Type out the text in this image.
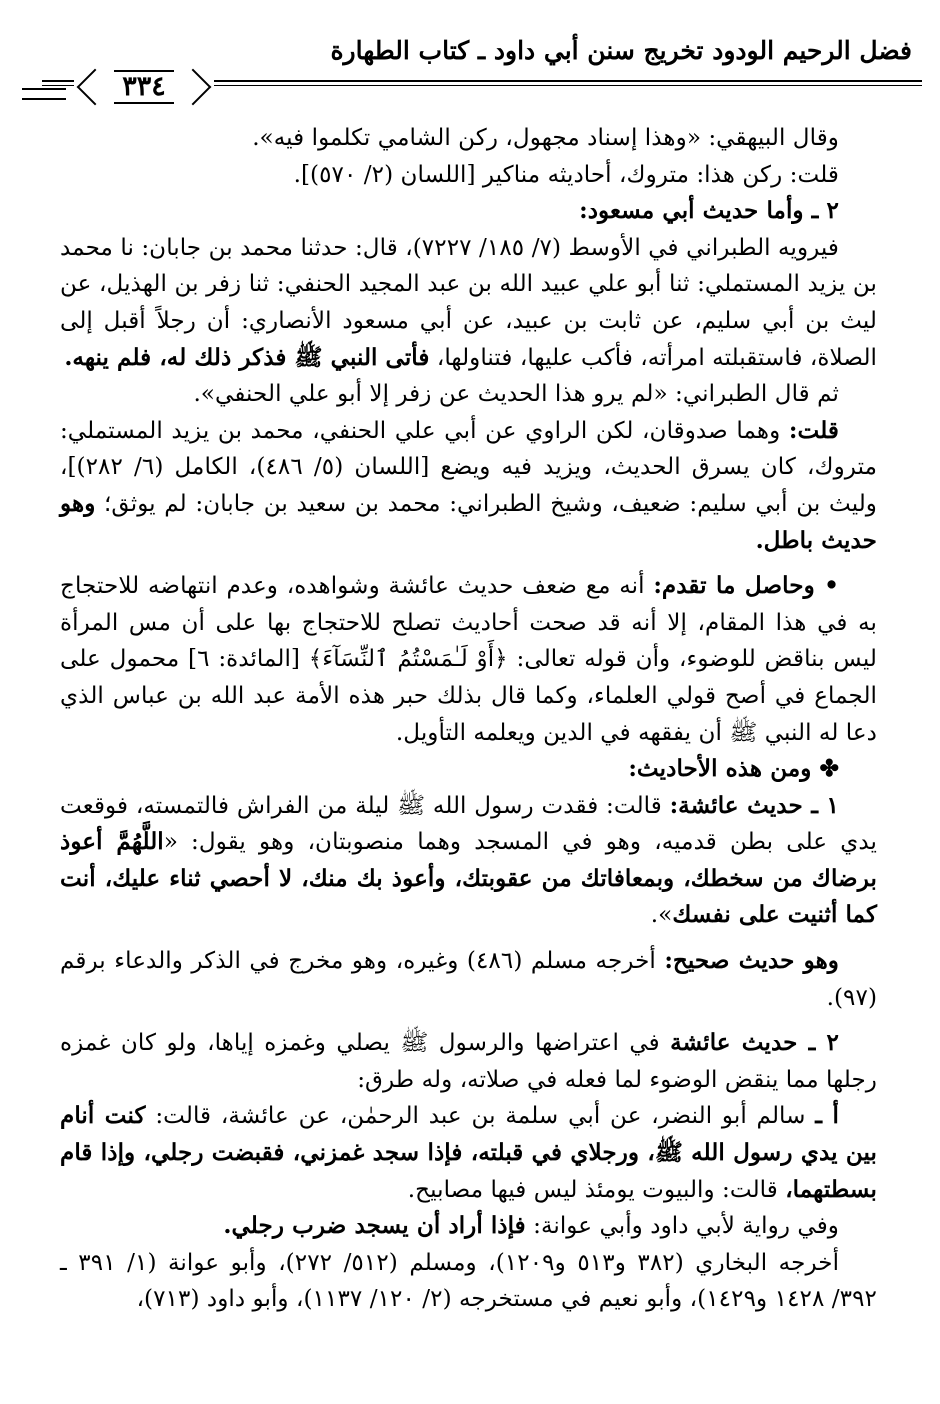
فضل الرحيم الودود تخريج سنن أبي داود ـ كتاب الطهارة
٣٣٤

وقال البيهقي: «وهذا إسناد مجهول، ركن الشامي تكلموا فيه».

قلت: ركن هذا: متروك، أحاديثه مناكير [اللسان (٢/ ٥٧٠)].

٢ ـ وأما حديث أبي مسعود:

فيرويه الطبراني في الأوسط (٧/ ١٨٥/ ٧٢٢٧)، قال: حدثنا محمد بن جابان: نا محمد بن يزيد المستملي: ثنا أبو علي عبيد الله بن عبد المجيد الحنفي: ثنا زفر بن الهذيل، عن ليث بن أبي سليم، عن ثابت بن عبيد، عن أبي مسعود الأنصاري: أن رجلاً أقبل إلى الصلاة، فاستقبلته امرأته، فأكب عليها، فتناولها، فأتى النبي ﷺ فذكر ذلك له، فلم ينهه.

ثم قال الطبراني: «لم يرو هذا الحديث عن زفر إلا أبو علي الحنفي».

قلت: وهما صدوقان، لكن الراوي عن أبي علي الحنفي، محمد بن يزيد المستملي: متروك، كان يسرق الحديث، ويزيد فيه ويضع [اللسان (٥/ ٤٨٦)، الكامل (٦/ ٢٨٢)]، وليث بن أبي سليم: ضعيف، وشيخ الطبراني: محمد بن سعيد بن جابان: لم يوثق؛ وهو حديث باطل.

• وحاصل ما تقدم: أنه مع ضعف حديث عائشة وشواهده، وعدم انتهاضه للاحتجاج به في هذا المقام، إلا أنه قد صحت أحاديث تصلح للاحتجاج بها على أن مس المرأة ليس بناقض للوضوء، وأن قوله تعالى: ﴿أَوْ لَـٰمَسْتُمُ ٱلنِّسَآءَ﴾ [المائدة: ٦] محمول على الجماع في أصح قولي العلماء، وكما قال بذلك حبر هذه الأمة عبد الله بن عباس الذي دعا له النبي ﷺ أن يفقهه في الدين ويعلمه التأويل.

✤ ومن هذه الأحاديث:

١ ـ حديث عائشة: قالت: فقدت رسول الله ﷺ ليلة من الفراش فالتمسته، فوقعت يدي على بطن قدميه، وهو في المسجد وهما منصوبتان، وهو يقول: «اللَّهُمَّ أعوذ برضاك من سخطك، وبمعافاتك من عقوبتك، وأعوذ بك منك، لا أحصي ثناء عليك، أنت كما أثنيت على نفسك».

وهو حديث صحيح: أخرجه مسلم (٤٨٦) وغيره، وهو مخرج في الذكر والدعاء برقم (٩٧).

٢ ـ حديث عائشة في اعتراضها والرسول ﷺ يصلي وغمزه إياها، ولو كان غمزه رجلها مما ينقض الوضوء لما فعله في صلاته، وله طرق:

أ ـ سالم أبو النضر، عن أبي سلمة بن عبد الرحمٰن، عن عائشة، قالت: كنت أنام بين يدي رسول الله ﷺ، ورجلاي في قبلته، فإذا سجد غمزني، فقبضت رجلي، وإذا قام بسطتهما، قالت: والبيوت يومئذ ليس فيها مصابيح.

وفي رواية لأبي داود وأبي عوانة: فإذا أراد أن يسجد ضرب رجلي.

أخرجه البخاري (٣٨٢ و٥١٣ و١٢٠٩)، ومسلم (٥١٢/ ٢٧٢)، وأبو عوانة (١/ ٣٩١ ـ ٣٩٢/ ١٤٢٨ و١٤٢٩)، وأبو نعيم في مستخرجه (٢/ ١٢٠/ ١١٣٧)، وأبو داود (٧١٣)،
